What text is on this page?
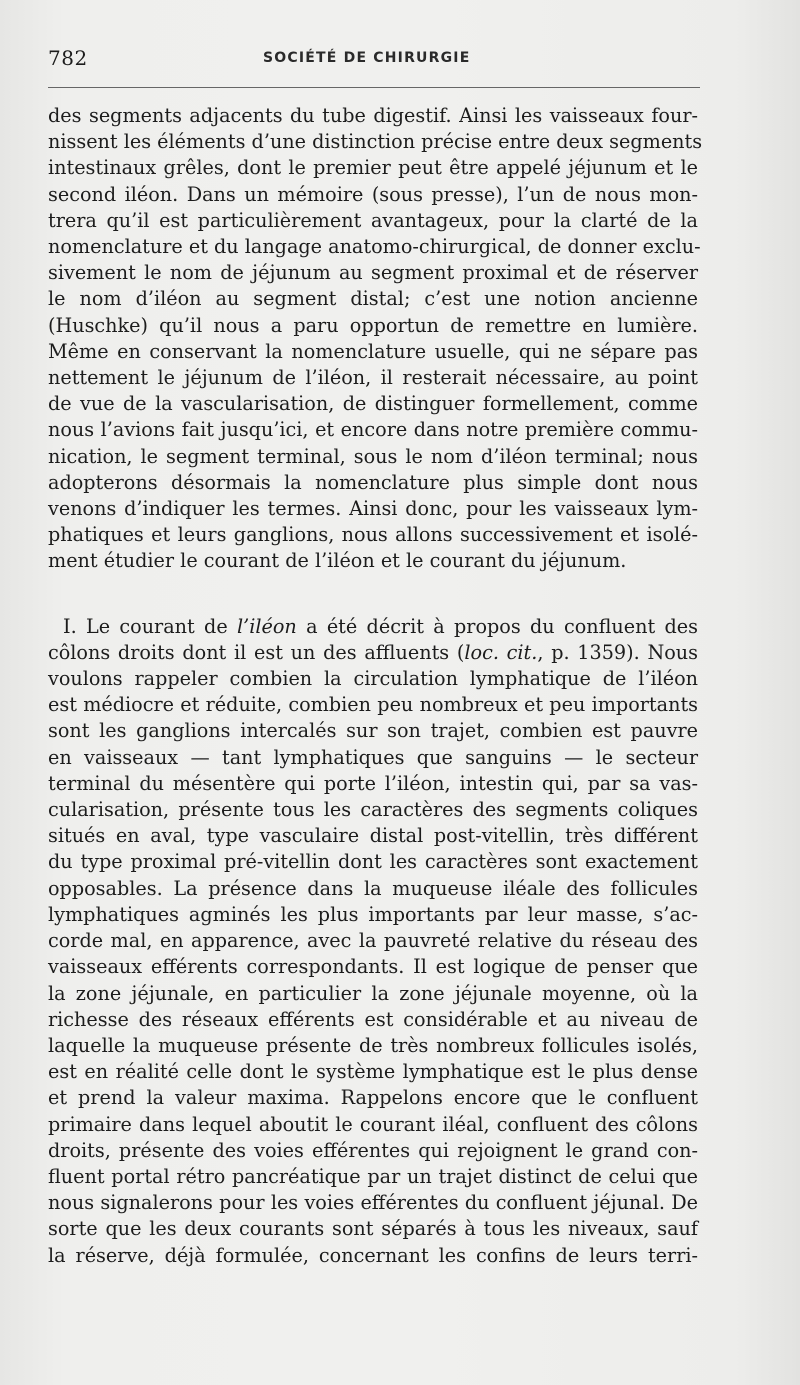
782	SOCIÉTÉ DE CHIRURGIE

des segments adjacents du tube digestif. Ainsi les vaisseaux four-
nissent les éléments d’une distinction précise entre deux segments
intestinaux grêles, dont le premier peut être appelé jéjunum et le
second iléon. Dans un mémoire (sous presse), l’un de nous mon-
trera qu’il est particulièrement avantageux, pour la clarté de la
nomenclature et du langage anatomo-chirurgical, de donner exclu-
sivement le nom de jéjunum au segment proximal et de réserver
le nom d’iléon au segment distal; c’est une notion ancienne
(Huschke) qu’il nous a paru opportun de remettre en lumière.
Même en conservant la nomenclature usuelle, qui ne sépare pas
nettement le jéjunum de l’iléon, il resterait nécessaire, au point
de vue de la vascularisation, de distinguer formellement, comme
nous l’avions fait jusqu’ici, et encore dans notre première commu-
nication, le segment terminal, sous le nom d’iléon terminal; nous
adopterons désormais la nomenclature plus simple dont nous
venons d’indiquer les termes. Ainsi donc, pour les vaisseaux lym-
phatiques et leurs ganglions, nous allons successivement et isolé-
ment étudier le courant de l’iléon et le courant du jéjunum.

I. Le courant de l’iléon a été décrit à propos du confluent des
côlons droits dont il est un des affluents (loc. cit., p. 1359). Nous
voulons rappeler combien la circulation lymphatique de l’iléon
est médiocre et réduite, combien peu nombreux et peu importants
sont les ganglions intercalés sur son trajet, combien est pauvre
en vaisseaux — tant lymphatiques que sanguins — le secteur
terminal du mésentère qui porte l’iléon, intestin qui, par sa vas-
cularisation, présente tous les caractères des segments coliques
situés en aval, type vasculaire distal post-vitellin, très différent
du type proximal pré-vitellin dont les caractères sont exactement
opposables. La présence dans la muqueuse iléale des follicules
lymphatiques agminés les plus importants par leur masse, s’ac-
corde mal, en apparence, avec la pauvreté relative du réseau des
vaisseaux efférents correspondants. Il est logique de penser que
la zone jéjunale, en particulier la zone jéjunale moyenne, où la
richesse des réseaux efférents est considérable et au niveau de
laquelle la muqueuse présente de très nombreux follicules isolés,
est en réalité celle dont le système lymphatique est le plus dense
et prend la valeur maxima. Rappelons encore que le confluent
primaire dans lequel aboutit le courant iléal, confluent des côlons
droits, présente des voies efférentes qui rejoignent le grand con-
fluent portal rétro pancréatique par un trajet distinct de celui que
nous signalerons pour les voies efférentes du confluent jéjunal. De
sorte que les deux courants sont séparés à tous les niveaux, sauf
la réserve, déjà formulée, concernant les confins de leurs terri-
